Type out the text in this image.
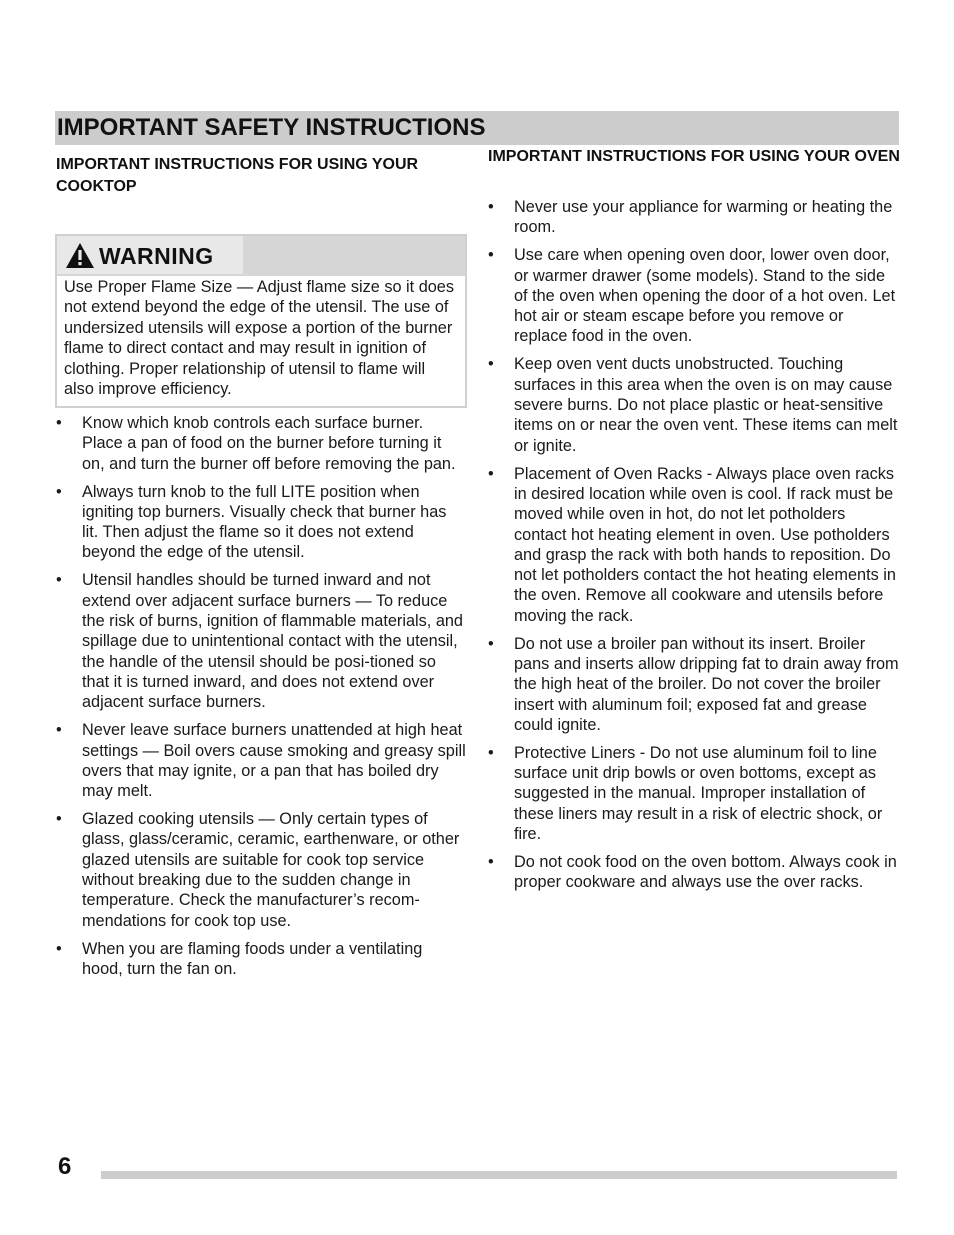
IMPORTANT SAFETY INSTRUCTIONS
IMPORTANT INSTRUCTIONS FOR USING YOUR COOKTOP
WARNING

Use Proper Flame Size — Adjust flame size so it does not extend beyond the edge of the utensil. The use of undersized utensils will expose a portion of the burner flame to direct contact and may result in ignition of clothing. Proper relationship of utensil to flame will also improve efficiency.

• Know which knob controls each surface burner. Place a pan of food on the burner before turning it on, and turn the burner off before removing the pan.
• Always turn knob to the full LITE position when igniting top burners. Visually check that burner has lit. Then adjust the flame so it does not extend beyond the edge of the utensil.
• Utensil handles should be turned inward and not extend over adjacent surface burners — To reduce the risk of burns, ignition of flammable materials, and spillage due to unintentional contact with the utensil, the handle of the utensil should be posi-tioned so that it is turned inward, and does not extend over adjacent surface burners.
• Never leave surface burners unattended at high heat settings — Boil overs cause smoking and greasy spill overs that may ignite, or a pan that has boiled dry may melt.
• Glazed cooking utensils — Only certain types of glass, glass/ceramic, ceramic, earthenware, or other glazed utensils are suitable for cook top service without breaking due to the sudden change in temperature. Check the manufacturer’s recom-mendations for cook top use.
• When you are flaming foods under a ventilating hood, turn the fan on.
IMPORTANT INSTRUCTIONS FOR USING YOUR OVEN
• Never use your appliance for warming or heating the room.
• Use care when opening oven door, lower oven door, or warmer drawer (some models). Stand to the side of the oven when opening the door of a hot oven. Let hot air or steam escape before you remove or replace food in the oven.
• Keep oven vent ducts unobstructed. Touching surfaces in this area when the oven is on may cause severe burns. Do not place plastic or heat-sensitive items on or near the oven vent. These items can melt or ignite.
• Placement of Oven Racks - Always place oven racks in desired location while oven is cool. If rack must be moved while oven in hot, do not let potholders contact hot heating element in oven. Use potholders and grasp the rack with both hands to reposition. Do not let potholders contact the hot heating elements in the oven. Remove all cookware and utensils before moving the rack.
• Do not use a broiler pan without its insert. Broiler pans and inserts allow dripping fat to drain away from the high heat of the broiler. Do not cover the broiler insert with aluminum foil; exposed fat and grease could ignite.
• Protective Liners - Do not use aluminum foil to line surface unit drip bowls or oven bottoms, except as suggested in the manual. Improper installation of these liners may result in a risk of electric shock, or fire.
• Do not cook food on the oven bottom. Always cook in proper cookware and always use the over racks.
6
